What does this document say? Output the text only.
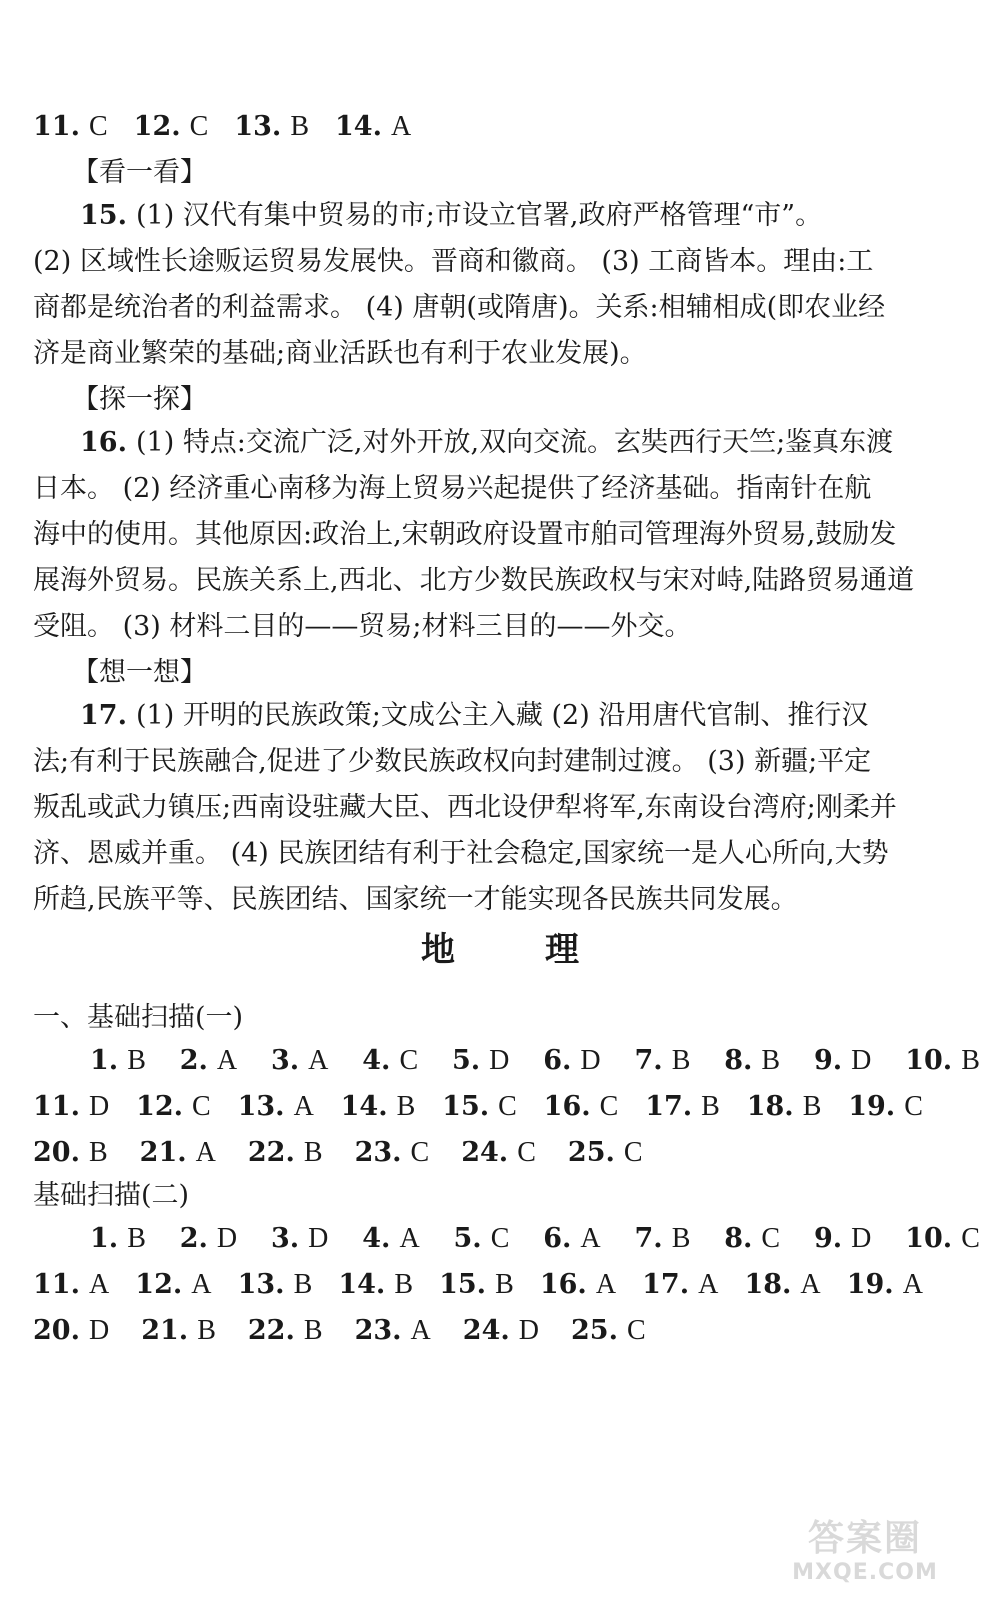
11. C 12. C 13. B 14. A
【看一看】
15. (1) 汉代有集中贸易的市;市设立官署,政府严格管理“市”。
(2) 区域性长途贩运贸易发展快。晋商和徽商。 (3) 工商皆本。理由:工
商都是统治者的利益需求。 (4) 唐朝(或隋唐)。关系:相辅相成(即农业经
济是商业繁荣的基础;商业活跃也有利于农业发展)。
【探一探】
16. (1) 特点:交流广泛,对外开放,双向交流。玄奘西行天竺;鉴真东渡
日本。 (2) 经济重心南移为海上贸易兴起提供了经济基础。指南针在航
海中的使用。其他原因:政治上,宋朝政府设置市舶司管理海外贸易,鼓励发
展海外贸易。民族关系上,西北、北方少数民族政权与宋对峙,陆路贸易通道
受阻。 (3) 材料二目的——贸易;材料三目的——外交。
【想一想】
17. (1) 开明的民族政策;文成公主入藏 (2) 沿用唐代官制、推行汉
法;有利于民族融合,促进了少数民族政权向封建制过渡。 (3) 新疆;平定
叛乱或武力镇压;西南设驻藏大臣、西北设伊犁将军,东南设台湾府;刚柔并
济、恩威并重。 (4) 民族团结有利于社会稳定,国家统一是人心所向,大势
所趋,民族平等、民族团结、国家统一才能实现各民族共同发展。
地	理
一、基础扫描(一)
1. B 2. A 3. A 4. C 5. D 6. D 7. B 8. B 9. D 10. B
11. D 12. C 13. A 14. B 15. C 16. C 17. B 18. B 19. C
20. B 21. A 22. B 23. C 24. C 25. C
基础扫描(二)
1. B 2. D 3. D 4. A 5. C 6. A 7. B 8. C 9. D 10. C
11. A 12. A 13. B 14. B 15. B 16. A 17. A 18. A 19. A
20. D 21. B 22. B 23. A 24. D 25. C
答案圈
MXQE.COM
